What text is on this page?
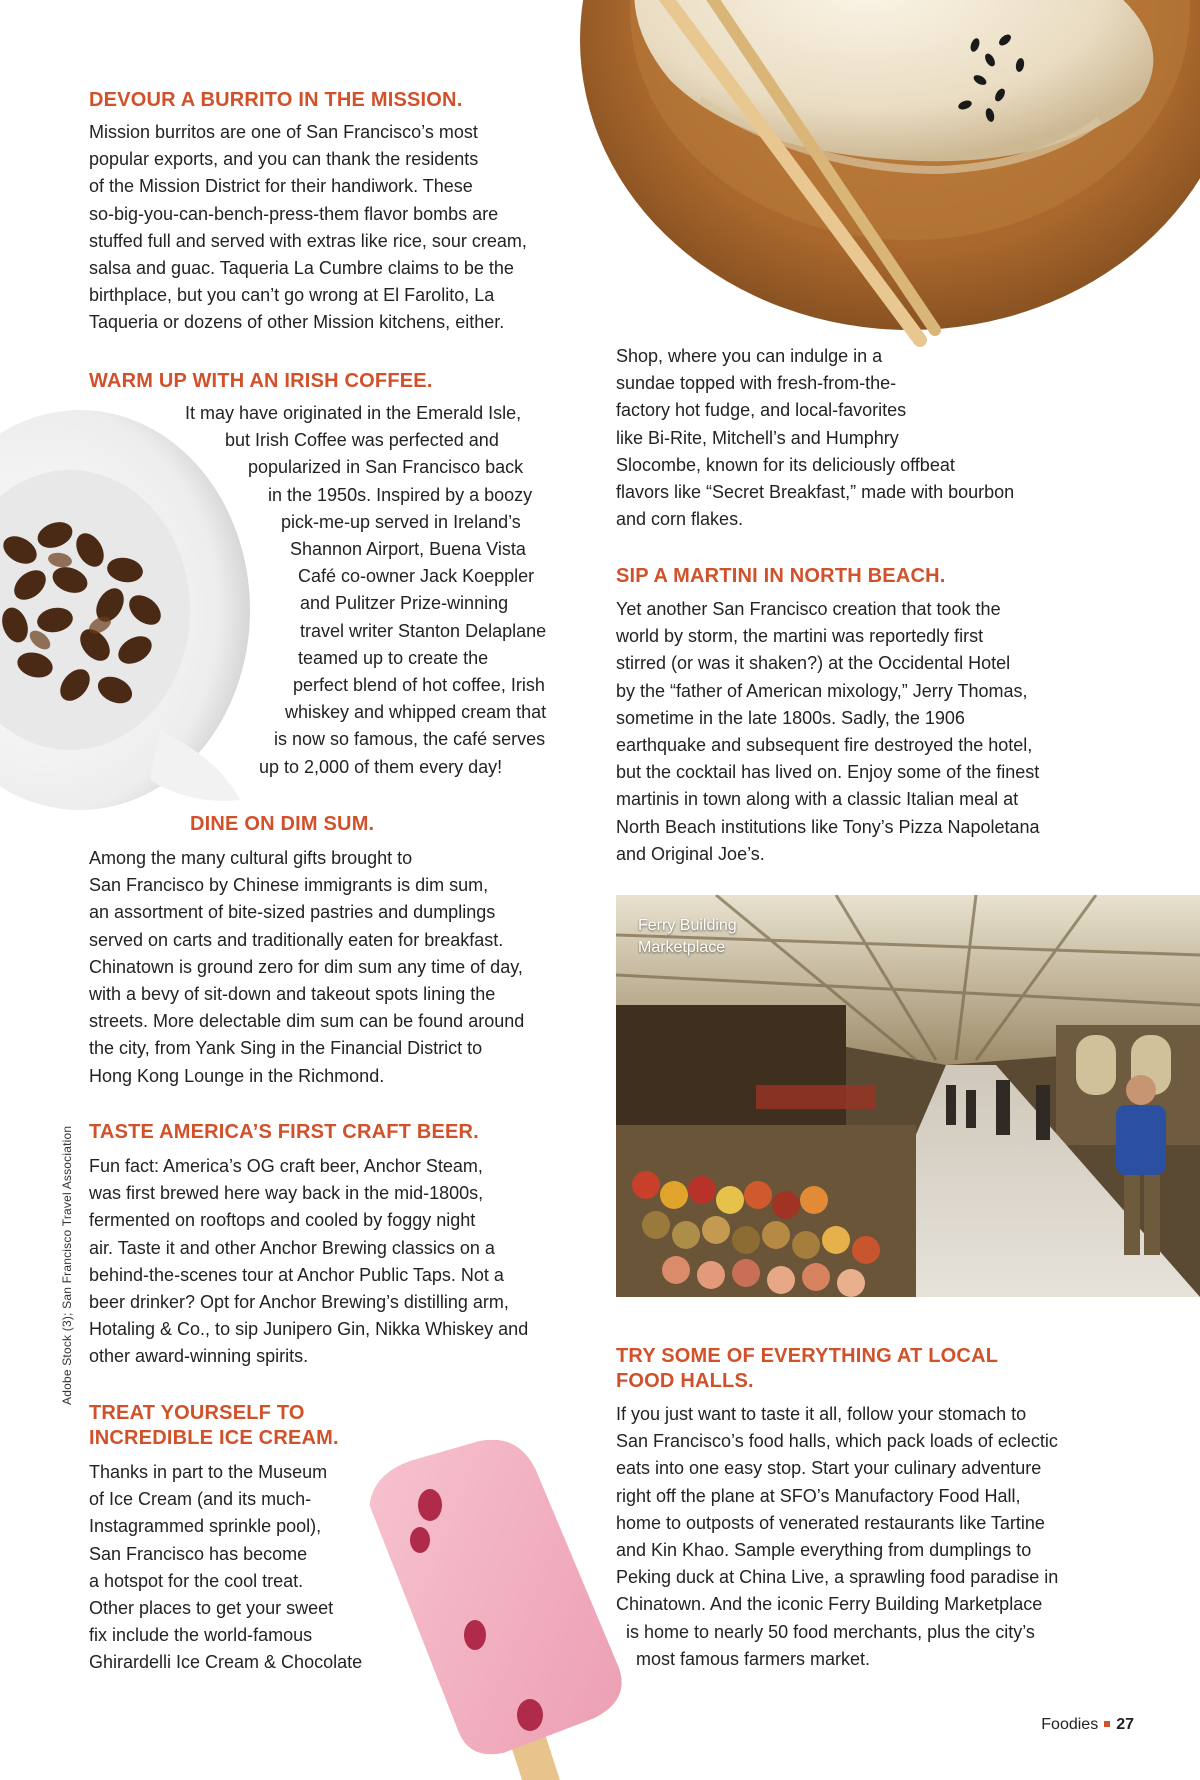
DEVOUR A BURRITO IN THE MISSION.
Mission burritos are one of San Francisco’s most
popular exports, and you can thank the residents
of the Mission District for their handiwork. These
so-big-you-can-bench-press-them flavor bombs are
stuffed full and served with extras like rice, sour cream,
salsa and guac. Taqueria La Cumbre claims to be the
birthplace, but you can’t go wrong at El Farolito, La
Taqueria or dozens of other Mission kitchens, either.
WARM UP WITH AN IRISH COFFEE.
It may have originated in the Emerald Isle,
but Irish Coffee was perfected and
popularized in San Francisco back
in the 1950s. Inspired by a boozy
pick-me-up served in Ireland’s
Shannon Airport, Buena Vista
Café co-owner Jack Koeppler
and Pulitzer Prize-winning
travel writer Stanton Delaplane
teamed up to create the
perfect blend of hot coffee, Irish
whiskey and whipped cream that
is now so famous, the café serves
up to 2,000 of them every day!
DINE ON DIM SUM.
Among the many cultural gifts brought to
San Francisco by Chinese immigrants is dim sum,
an assortment of bite-sized pastries and dumplings
served on carts and traditionally eaten for breakfast.
Chinatown is ground zero for dim sum any time of day,
with a bevy of sit-down and takeout spots lining the
streets. More delectable dim sum can be found around
the city, from Yank Sing in the Financial District to
Hong Kong Lounge in the Richmond.
TASTE AMERICA’S FIRST CRAFT BEER.
Fun fact: America’s OG craft beer, Anchor Steam,
was first brewed here way back in the mid-1800s,
fermented on rooftops and cooled by foggy night
air. Taste it and other Anchor Brewing classics on a
behind-the-scenes tour at Anchor Public Taps. Not a
beer drinker? Opt for Anchor Brewing’s distilling arm,
Hotaling & Co., to sip Junipero Gin, Nikka Whiskey and
other award-winning spirits.
TREAT YOURSELF TO
INCREDIBLE ICE CREAM.
Thanks in part to the Museum
of Ice Cream (and its much-
Instagrammed sprinkle pool),
San Francisco has become
a hotspot for the cool treat.
Other places to get your sweet
fix include the world-famous
Ghirardelli Ice Cream & Chocolate
Shop, where you can indulge in a
sundae topped with fresh-from-the-
factory hot fudge, and local-favorites
like Bi-Rite, Mitchell’s and Humphry
Slocombe, known for its deliciously offbeat
flavors like “Secret Breakfast,” made with bourbon
and corn flakes.
SIP A MARTINI IN NORTH BEACH.
Yet another San Francisco creation that took the
world by storm, the martini was reportedly first
stirred (or was it shaken?) at the Occidental Hotel
by the “father of American mixology,” Jerry Thomas,
sometime in the late 1800s. Sadly, the 1906
earthquake and subsequent fire destroyed the hotel,
but the cocktail has lived on. Enjoy some of the finest
martinis in town along with a classic Italian meal at
North Beach institutions like Tony’s Pizza Napoletana
and Original Joe’s.
Ferry Building
Marketplace
TRY SOME OF EVERYTHING AT LOCAL
FOOD HALLS.
If you just want to taste it all, follow your stomach to
San Francisco’s food halls, which pack loads of eclectic
eats into one easy stop. Start your culinary adventure
right off the plane at SFO’s Manufactory Food Hall,
home to outposts of venerated restaurants like Tartine
and Kin Khao. Sample everything from dumplings to
Peking duck at China Live, a sprawling food paradise in
Chinatown. And the iconic Ferry Building Marketplace
is home to nearly 50 food merchants, plus the city’s
most famous farmers market.
Adobe Stock (3); San Francisco Travel Association
Foodies 27
